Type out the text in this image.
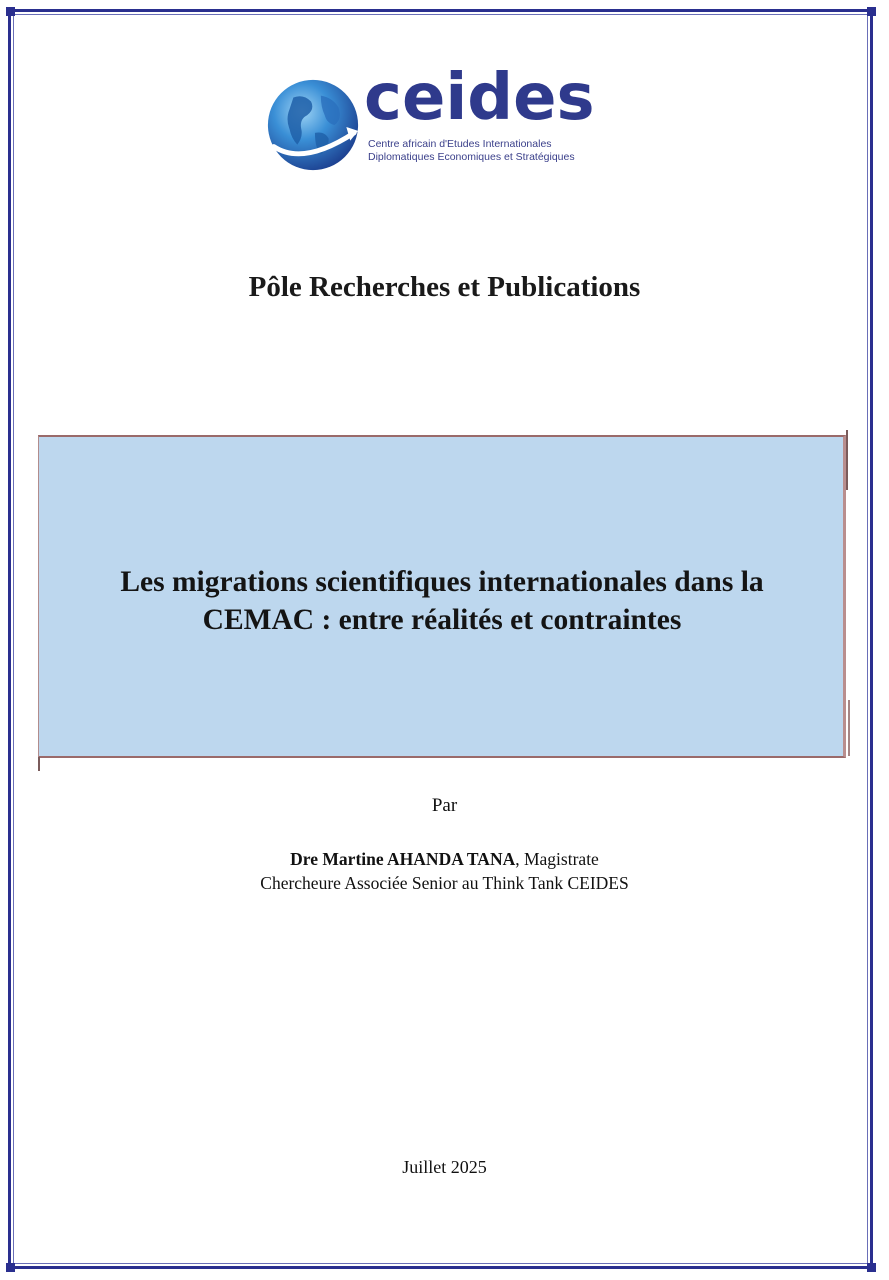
ceides
Centre africain d'Etudes Internationales
Diplomatiques Economiques et Stratégiques
Pôle Recherches et Publications
Les migrations scientifiques internationales dans la
CEMAC : entre réalités et contraintes
Par
Dre Martine AHANDA TANA, Magistrate
Chercheure Associée Senior au Think Tank CEIDES
Juillet 2025
